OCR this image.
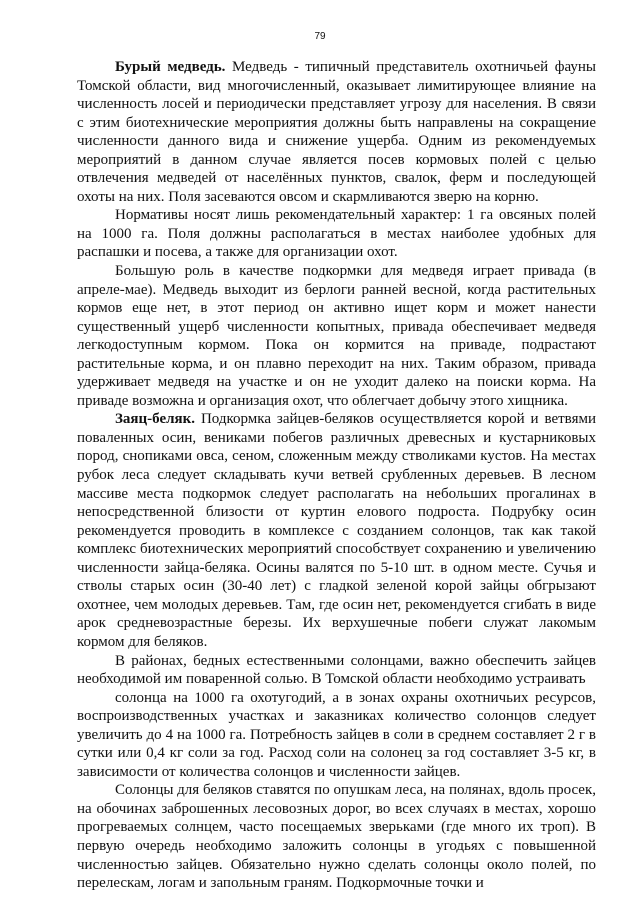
79

Бурый медведь. Медведь - типичный представитель охотничьей фауны Томской области, вид многочисленный, оказывает лимитирующее влияние на численность лосей и периодически представляет угрозу для населения. В связи с этим биотехнические мероприятия должны быть направлены на сокращение численности данного вида и снижение ущерба. Одним из рекомендуемых мероприятий в данном случае является посев кормовых полей с целью отвлечения медведей от населённых пунктов, свалок, ферм и последующей охоты на них. Поля засеваются овсом и скармливаются зверю на корню.

Нормативы носят лишь рекомендательный характер: 1 га овсяных полей на 1000 га. Поля должны располагаться в местах наиболее удобных для распашки и посева, а также для организации охот.

Большую роль в качестве подкормки для медведя играет привада (в апреле-мае). Медведь выходит из берлоги ранней весной, когда растительных кормов еще нет, в этот период он активно ищет корм и может нанести существенный ущерб численности копытных, привада обеспечивает медведя легкодоступным кормом. Пока он кормится на приваде, подрастают растительные корма, и он плавно переходит на них. Таким образом, привада удерживает медведя на участке и он не уходит далеко на поиски корма. На приваде возможна и организация охот, что облегчает добычу этого хищника.

Заяц-беляк. Подкормка зайцев-беляков осуществляется корой и ветвями поваленных осин, вениками побегов различных древесных и кустарниковых пород, снопиками овса, сеном, сложенным между стволиками кустов. На местах рубок леса следует складывать кучи ветвей срубленных деревьев. В лесном массиве места подкормок следует располагать на небольших прогалинах в непосредственной близости от куртин елового подроста. Подрубку осин рекомендуется проводить в комплексе с созданием солонцов, так как такой комплекс биотехнических мероприятий способствует сохранению и увеличению численности зайца-беляка. Осины валятся по 5-10 шт. в одном месте. Сучья и стволы старых осин (30-40 лет) с гладкой зеленой корой зайцы обгрызают охотнее, чем молодых деревьев. Там, где осин нет, рекомендуется сгибать в виде арок средневозрастные березы. Их верхушечные побеги служат лакомым кормом для беляков.

В районах, бедных естественными солонцами, важно обеспечить зайцев необходимой им поваренной солью. В Томской области необходимо устраивать

солонца на 1000 га охотугодий, а в зонах охраны охотничьих ресурсов, воспроизводственных участках и заказниках количество солонцов следует увеличить до 4 на 1000 га. Потребность зайцев в соли в среднем составляет 2 г в сутки или 0,4 кг соли за год. Расход соли на солонец за год составляет 3-5 кг, в зависимости от количества солонцов и численности зайцев.

Солонцы для беляков ставятся по опушкам леса, на полянах, вдоль просек, на обочинах заброшенных лесовозных дорог, во всех случаях в местах, хорошо прогреваемых солнцем, часто посещаемых зверьками (где много их троп). В первую очередь необходимо заложить солонцы в угодьях с повышенной численностью зайцев. Обязательно нужно сделать солонцы около полей, по перелескам, логам и запольным граням. Подкормочные точки и
